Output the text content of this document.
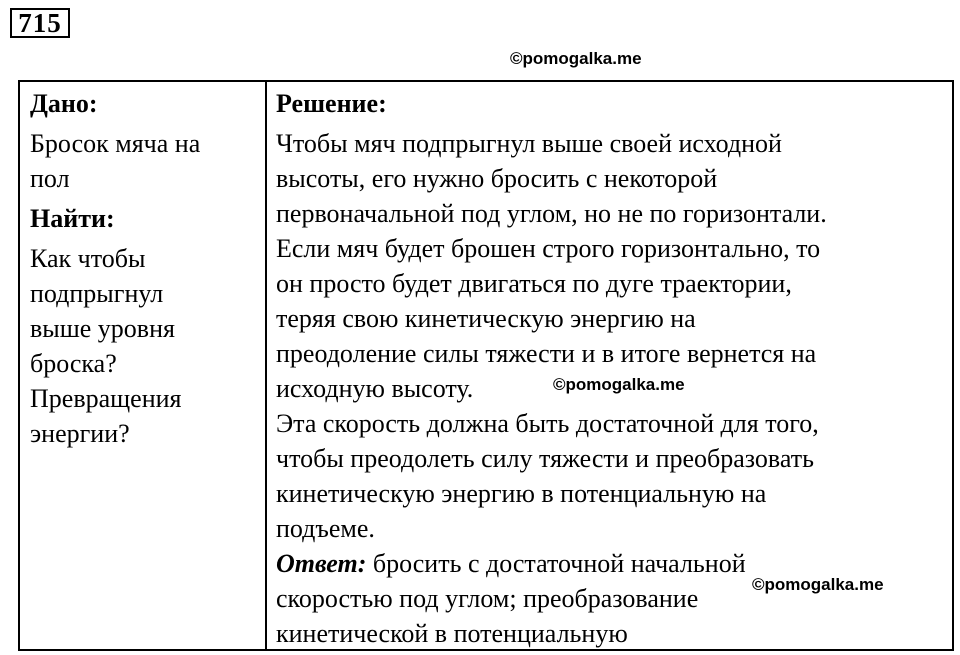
715
©pomogalka.me
Дано:
Бросок мяча на
пол
Найти:
Как чтобы
подпрыгнул
выше уровня
броска?
Превращения
энергии?
Решение:
Чтобы мяч подпрыгнул выше своей исходной
высоты, его нужно бросить с некоторой
первоначальной под углом, но не по горизонтали.
Если мяч будет брошен строго горизонтально, то
он просто будет двигаться по дуге траектории,
теряя свою кинетическую энергию на
преодоление силы тяжести и в итоге вернется на
исходную высоту.
Эта скорость должна быть достаточной для того,
чтобы преодолеть силу тяжести и преобразовать
кинетическую энергию в потенциальную на
подъеме.
Ответ: бросить с достаточной начальной
скоростью под углом; преобразование
кинетической в потенциальную
©pomogalka.me
©pomogalka.me
